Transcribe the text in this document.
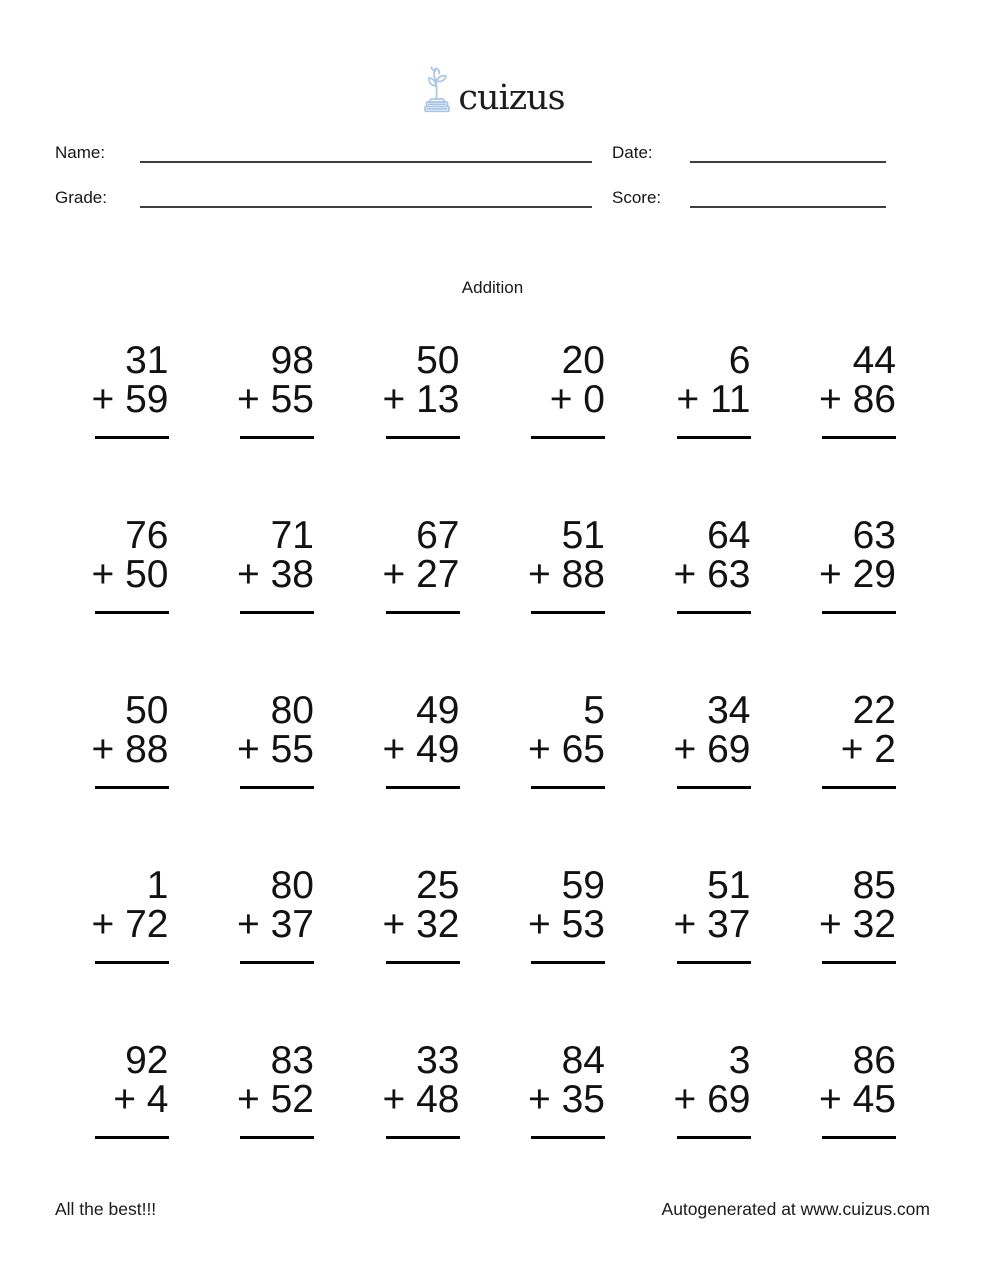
cuizus
Name:	Date:
Grade:	Score:
Addition
31
+ 59
98
+ 55
50
+ 13
20
+ 0
6
+ 11
44
+ 86
76
+ 50
71
+ 38
67
+ 27
51
+ 88
64
+ 63
63
+ 29
50
+ 88
80
+ 55
49
+ 49
5
+ 65
34
+ 69
22
+ 2
1
+ 72
80
+ 37
25
+ 32
59
+ 53
51
+ 37
85
+ 32
92
+ 4
83
+ 52
33
+ 48
84
+ 35
3
+ 69
86
+ 45
All the best!!!	Autogenerated at www.cuizus.com
